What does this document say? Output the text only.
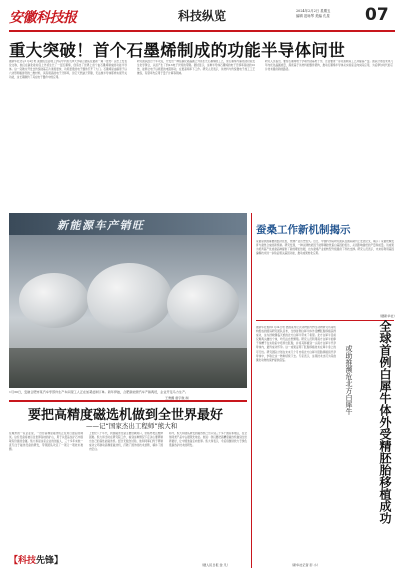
安徽科技报	科技纵览	2024年2月2日 星期五
编辑 范咏琴 美编 孔星	07
重大突破！首个石墨烯制成的功能半导体问世
据新华社北京1月4日电 美国佐治亚理工学院与中国天津大学联合团队在最新一期《自然》杂志上发表论文称，他们在碳化硅衬底上外延生长了一层石墨烯，创造出了世界上首个由石墨烯制成的功能半导体。这一突破为开发比传统硅基芯片速度更快、功耗更低的电子器件打开了大门。石墨烯是由碳原子以六边形网格排列的二维材料，具有极高的电子迁移率，但它天然缺乏带隙，无法像半导体那样实现开关功能，这长期制约了其在电子器件中的应用。
研究团队经过十年攻关，开发出一种在碳化硅晶圆上外延生长石墨烯的工艺，使石墨烯与碳化硅衬底发生化学键合，从而产生了约0.6电子伏特的带隙。测试显示，这种半导体石墨烯的电子迁移率是硅的10倍，能够让电子以极低的电阻移动，在更高频率下工作。研究人员表示，该材料与传统微电子加工工艺兼容，有望率先应用于量子计算等领域。
研究人员指出，要使石墨烯电子学取代硅基电子学，还需要进一步完善制造工艺并提高产量。团队计划在未来几年内优化晶圆质量，探索基于该材料的器件架构，推动石墨烯半导体从实验室走向实际应用，为后摩尔时代的芯片技术提供新的路径。
新能源车产销旺
1月30日，安徽合肥市某汽车零部件生产车间里工人正在加紧赶制订单。新年伊始，合肥新能源汽车产销两旺，企业开足马力生产。
王勇摄 唐宇航 制
要把高精度磁选机做到全世界最好
——记“国家杰出工程师”熊大和
在赣州的一家企业里，一台台高梯度磁选机正在进行最后的调试。这些设备将被运往世界各地的矿山，用于从低品位矿石中提取有价值的金属。熊大和是这家企业的创始人，三十多年来他一直专注于磁选设备的研发，带领团队攻克了一项又一项技术难题。
上世纪八十年代，我国磁选设备主要依赖进口，价格昂贵且维修困难。熊大和当时在研究院工作，看到这种情况下定决心要研制出自己的高性能磁选机。经过无数次试验，他和同事们终于研制成功立环脉动高梯度磁选机，打破了国外的技术垄断，填补了国内空白。
如今，熊大和团队研发的磁选机已出口到三十多个国家和地区，在全球同类产品中占据领先地位。他说：我们要把高精度磁选机做到全世界最好，让中国装备走向世界。熊大和表示，今后将继续致力于绿色低碳选矿技术的研发。
（据人民日报 金 凡）
蚕桑工作新机制揭示
家蚕是我国重要的经济昆虫，丝绸产业历史悠久。近日，中国科学院研究团队在国际期刊上发表论文，揭示了家蚕丝腺发育与蚕丝合成的新机制。研究发现，一种关键转录因子能够调控丝蛋白基因的表达，从而影响蚕丝的产量和质量。该成果为培育高产优质蚕品种提供了新的理论依据，也为蚕桑产业的转型升级提供了科技支撑。研究人员表示，未来将利用基因编辑技术进一步验证相关基因功能，推动成果转化应用。
（据新华社）
据新华社柏林1月24日电 德国莱布尼茨动物园与野生动物研究所等机构组成的国际研究团队宣布，全球首例白犀牛体外受精胚胎移植获得成功，这为拯救濒临灭绝的北方白犀牛带来了希望。北方白犀牛目前仅剩两头雌性个体，均无法自然繁殖。研究人员利用南方白犀牛的卵子和精子在实验室中培育出胚胎，并将其移植到一头南方白犀牛代孕母体内，最终成功怀孕。这一成果证明了胚胎移植技术在犀牛身上的可行性。研究团队计划在未来几个月内将北方白犀牛胚胎移植到代孕母体中，争取让这一物种延续下去。专家表示，这项技术也可为其他濒危动物的保护提供借鉴。	或助推濒危北方白犀牛	全球首例白犀牛体外受精胚胎移植成功
（新华社记者 彭 小）
【科技先锋】
